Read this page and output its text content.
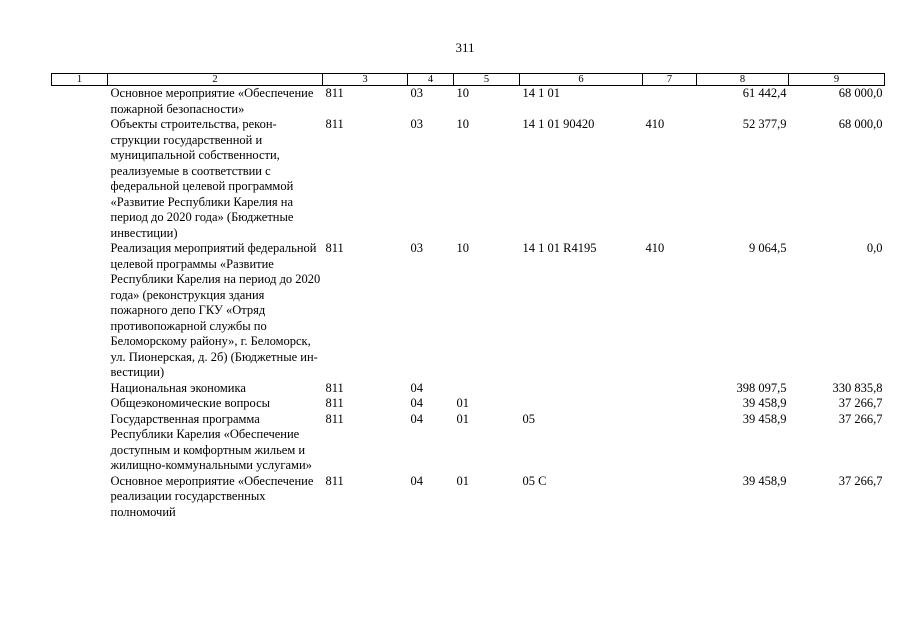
311
1	2	3	4	5	6	7	8	9
	Основное мероприятие «Обеспечение пожарной безопасности»	811	03	10	14 1 01		61 442,4	68 000,0
	Объекты строительства, реконструкции государственной и муниципальной собственности, реализуемые в соответствии с федеральной целевой программой «Развитие Республики Карелия на период до 2020 года» (Бюджетные инвестиции)	811	03	10	14 1 01 90420	410	52 377,9	68 000,0
	Реализация мероприятий федеральной целевой программы «Развитие Республики Карелия на период до 2020 года» (реконструкция здания пожарного депо ГКУ «Отряд противопожарной службы по Беломорскому району», г. Беломорск, ул. Пионерская, д. 2б) (Бюджетные инвестиции)	811	03	10	14 1 01 R4195	410	9 064,5	0,0
	Национальная экономика	811	04				398 097,5	330 835,8
	Общеэкономические вопросы	811	04	01			39 458,9	37 266,7
	Государственная программа Республики Карелия «Обеспечение доступным и комфортным жильем и жилищно-коммунальными услугами»	811	04	01	05		39 458,9	37 266,7
	Основное мероприятие «Обеспечение реализации государственных полномочий	811	04	01	05 С		39 458,9	37 266,7
